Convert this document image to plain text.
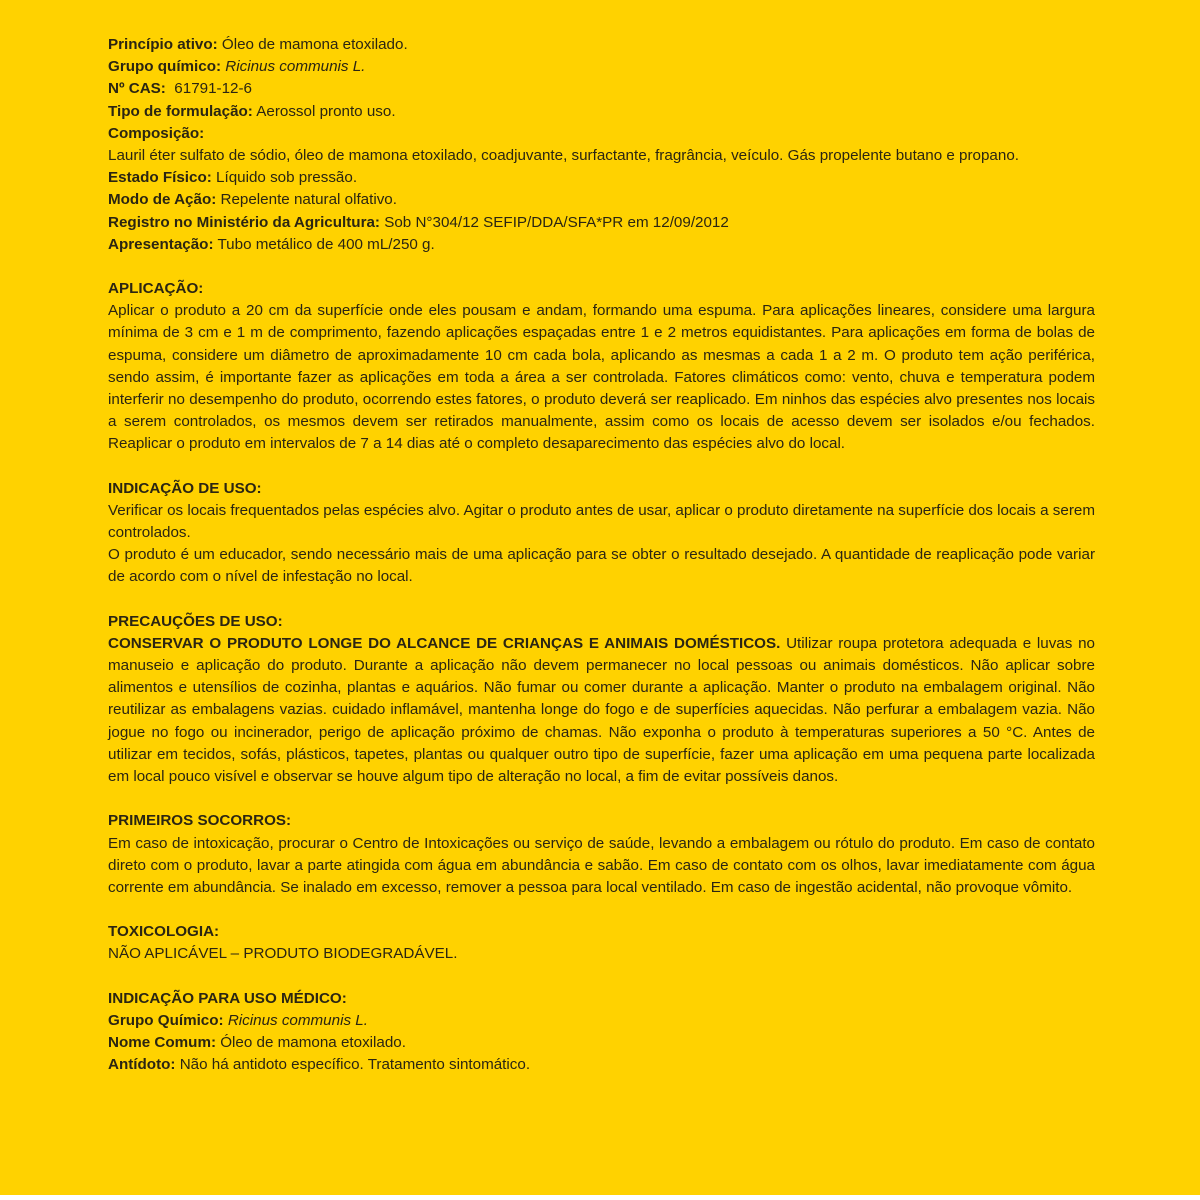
Princípio ativo: Óleo de mamona etoxilado.

Grupo químico: Ricinus communis L.

Nº CAS:  61791-12-6

Tipo de formulação: Aerossol pronto uso.

Composição:

Lauril éter sulfato de sódio, óleo de mamona etoxilado, coadjuvante, surfactante, fragrância, veículo. Gás propelente butano e propano.

Estado Físico: Líquido sob pressão.

Modo de Ação: Repelente natural olfativo.

Registro no Ministério da Agricultura: Sob N°304/12 SEFIP/DDA/SFA*PR em 12/09/2012

Apresentação: Tubo metálico de 400 mL/250 g.

APLICAÇÃO:

Aplicar o produto a 20 cm da superfície onde eles pousam e andam, formando uma espuma. Para aplicações lineares, considere uma largura mínima de 3 cm e 1 m de comprimento, fazendo aplicações espaçadas entre 1 e 2 metros equidistantes. Para aplicações em forma de bolas de espuma, considere um diâmetro de aproximadamente 10 cm cada bola, aplicando as mesmas a cada 1 a 2 m. O produto tem ação periférica, sendo assim, é importante fazer as aplicações em toda a área a ser controlada. Fatores climáticos como: vento, chuva e temperatura podem interferir no desempenho do produto, ocorrendo estes fatores, o produto deverá ser reaplicado. Em ninhos das espécies alvo presentes nos locais a serem controlados, os mesmos devem ser retirados manualmente, assim como os locais de acesso devem ser isolados e/ou fechados. Reaplicar o produto em intervalos de 7 a 14 dias até o completo desaparecimento das espécies alvo do local.

INDICAÇÃO DE USO:

Verificar os locais frequentados pelas espécies alvo. Agitar o produto antes de usar, aplicar o produto diretamente na superfície dos locais a serem controlados.

O produto é um educador, sendo necessário mais de uma aplicação para se obter o resultado desejado. A quantidade de reaplicação pode variar de acordo com o nível de infestação no local.

PRECAUÇÕES DE USO:

CONSERVAR O PRODUTO LONGE DO ALCANCE DE CRIANÇAS E ANIMAIS DOMÉSTICOS. Utilizar roupa protetora adequada e luvas no manuseio e aplicação do produto. Durante a aplicação não devem permanecer no local pessoas ou animais domésticos. Não aplicar sobre alimentos e utensílios de cozinha, plantas e aquários. Não fumar ou comer durante a aplicação. Manter o produto na embalagem original. Não reutilizar as embalagens vazias. cuidado inflamável, mantenha longe do fogo e de superfícies aquecidas. Não perfurar a embalagem vazia. Não jogue no fogo ou incinerador, perigo de aplicação próximo de chamas. Não exponha o produto à temperaturas superiores a 50 °C. Antes de utilizar em tecidos, sofás, plásticos, tapetes, plantas ou qualquer outro tipo de superfície, fazer uma aplicação em uma pequena parte localizada em local pouco visível e observar se houve algum tipo de alteração no local, a fim de evitar possíveis danos.

PRIMEIROS SOCORROS:

Em caso de intoxicação, procurar o Centro de Intoxicações ou serviço de saúde, levando a embalagem ou rótulo do produto. Em caso de contato direto com o produto, lavar a parte atingida com água em abundância e sabão. Em caso de contato com os olhos, lavar imediatamente com água corrente em abundância. Se inalado em excesso, remover a pessoa para local ventilado. Em caso de ingestão acidental, não provoque vômito.

TOXICOLOGIA:

NÃO APLICÁVEL – PRODUTO BIODEGRADÁVEL.

INDICAÇÃO PARA USO MÉDICO:

Grupo Químico: Ricinus communis L.

Nome Comum: Óleo de mamona etoxilado.

Antídoto: Não há antidoto específico. Tratamento sintomático.
